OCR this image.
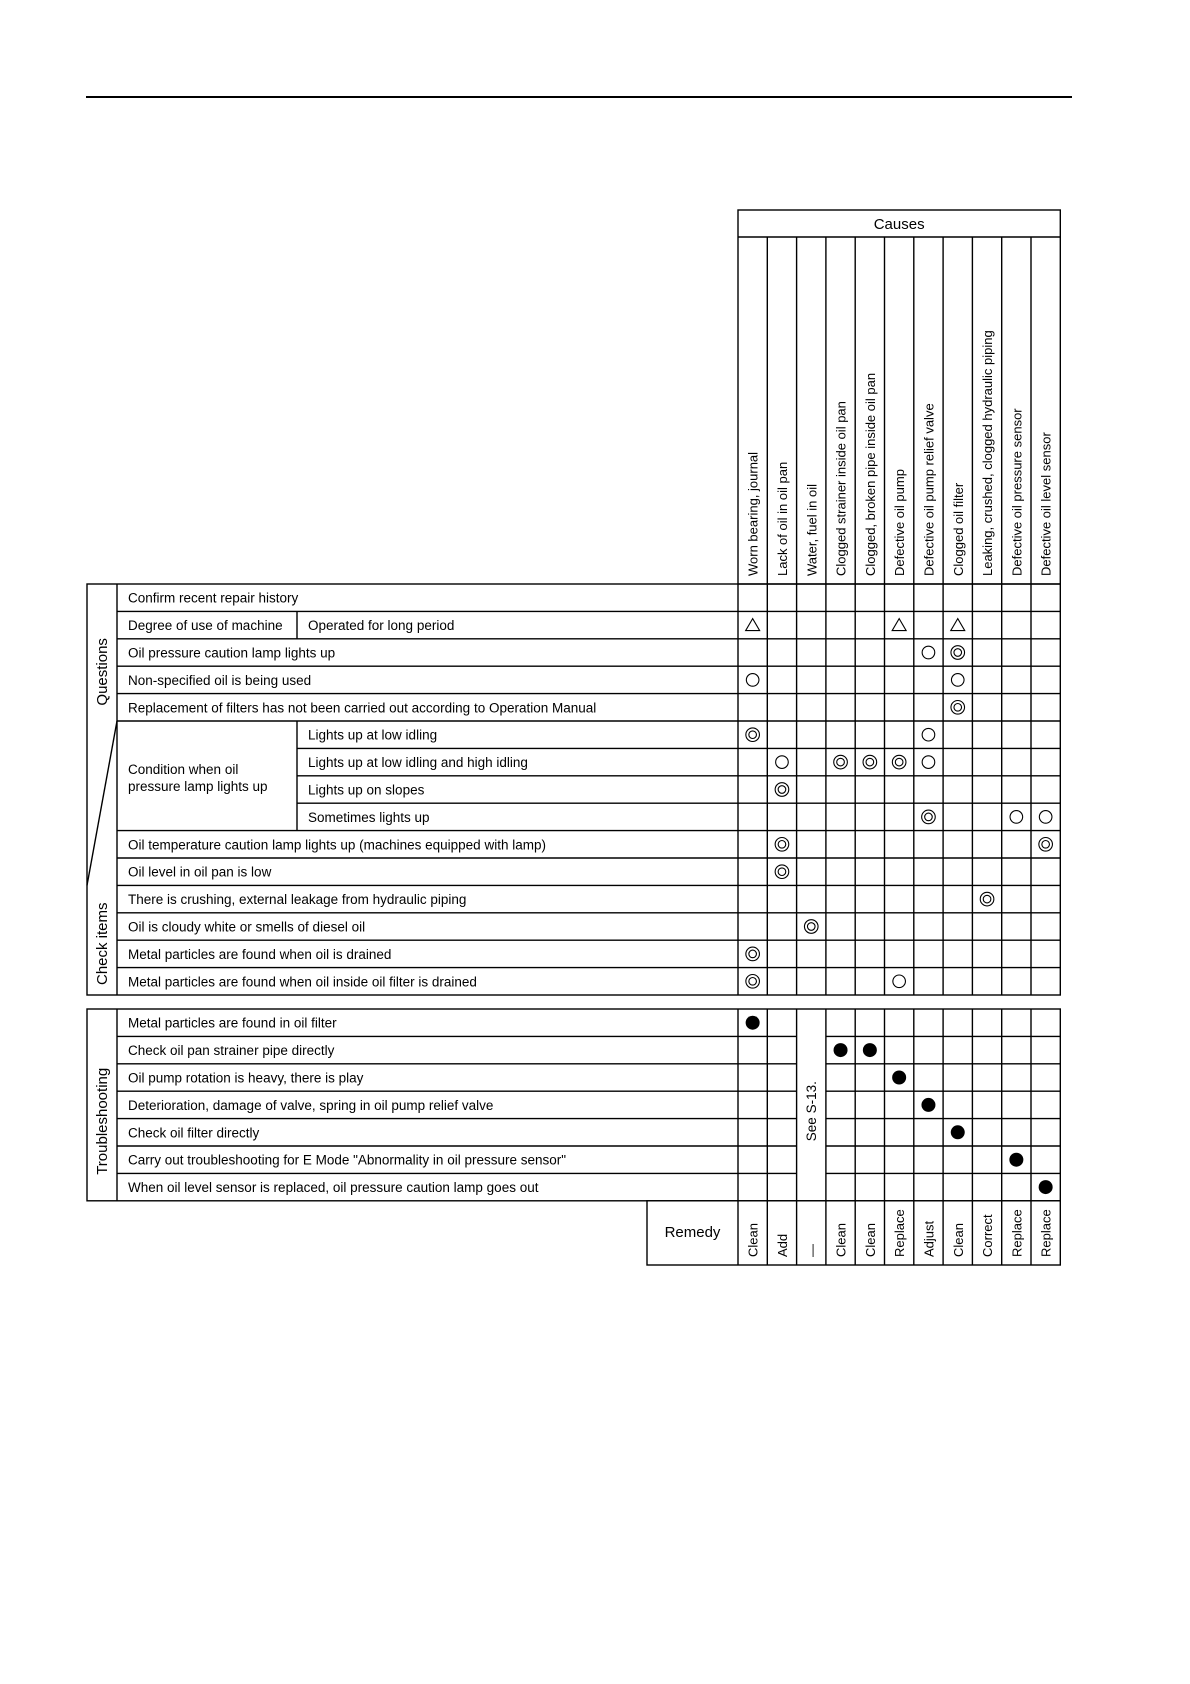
Causes
Worn bearing, journal Lack of oil in oil pan Water, fuel in oil Clogged strainer inside oil pan Clogged, broken pipe inside oil pan Defective oil pump Defective oil pump relief valve Clogged oil filter Leaking, crushed, clogged hydraulic piping Defective oil pressure sensor Defective oil level sensor
Questions
Check items
Condition when oil pressure lamp lights up
Confirm recent repair history
Degree of use of machine Operated for long period
Oil pressure caution lamp lights up
Non-specified oil is being used
Replacement of filters has not been carried out according to Operation Manual
Lights up at low idling
Lights up at low idling and high idling
Lights up on slopes
Sometimes lights up
Oil temperature caution lamp lights up (machines equipped with lamp)
Oil level in oil pan is low
There is crushing, external leakage from hydraulic piping
Oil is cloudy white or smells of diesel oil
Metal particles are found when oil is drained
Metal particles are found when oil inside oil filter is drained
Troubleshooting	See S-13.
Metal particles are found in oil filter
Check oil pan strainer pipe directly
Oil pump rotation is heavy, there is play
Deterioration, damage of valve, spring in oil pump relief valve
Check oil filter directly
Carry out troubleshooting for E Mode "Abnormality in oil pressure sensor"
When oil level sensor is replaced, oil pressure caution lamp goes out
Remedy Clean Add — Clean Clean Replace Adjust Clean Correct Replace Replace
